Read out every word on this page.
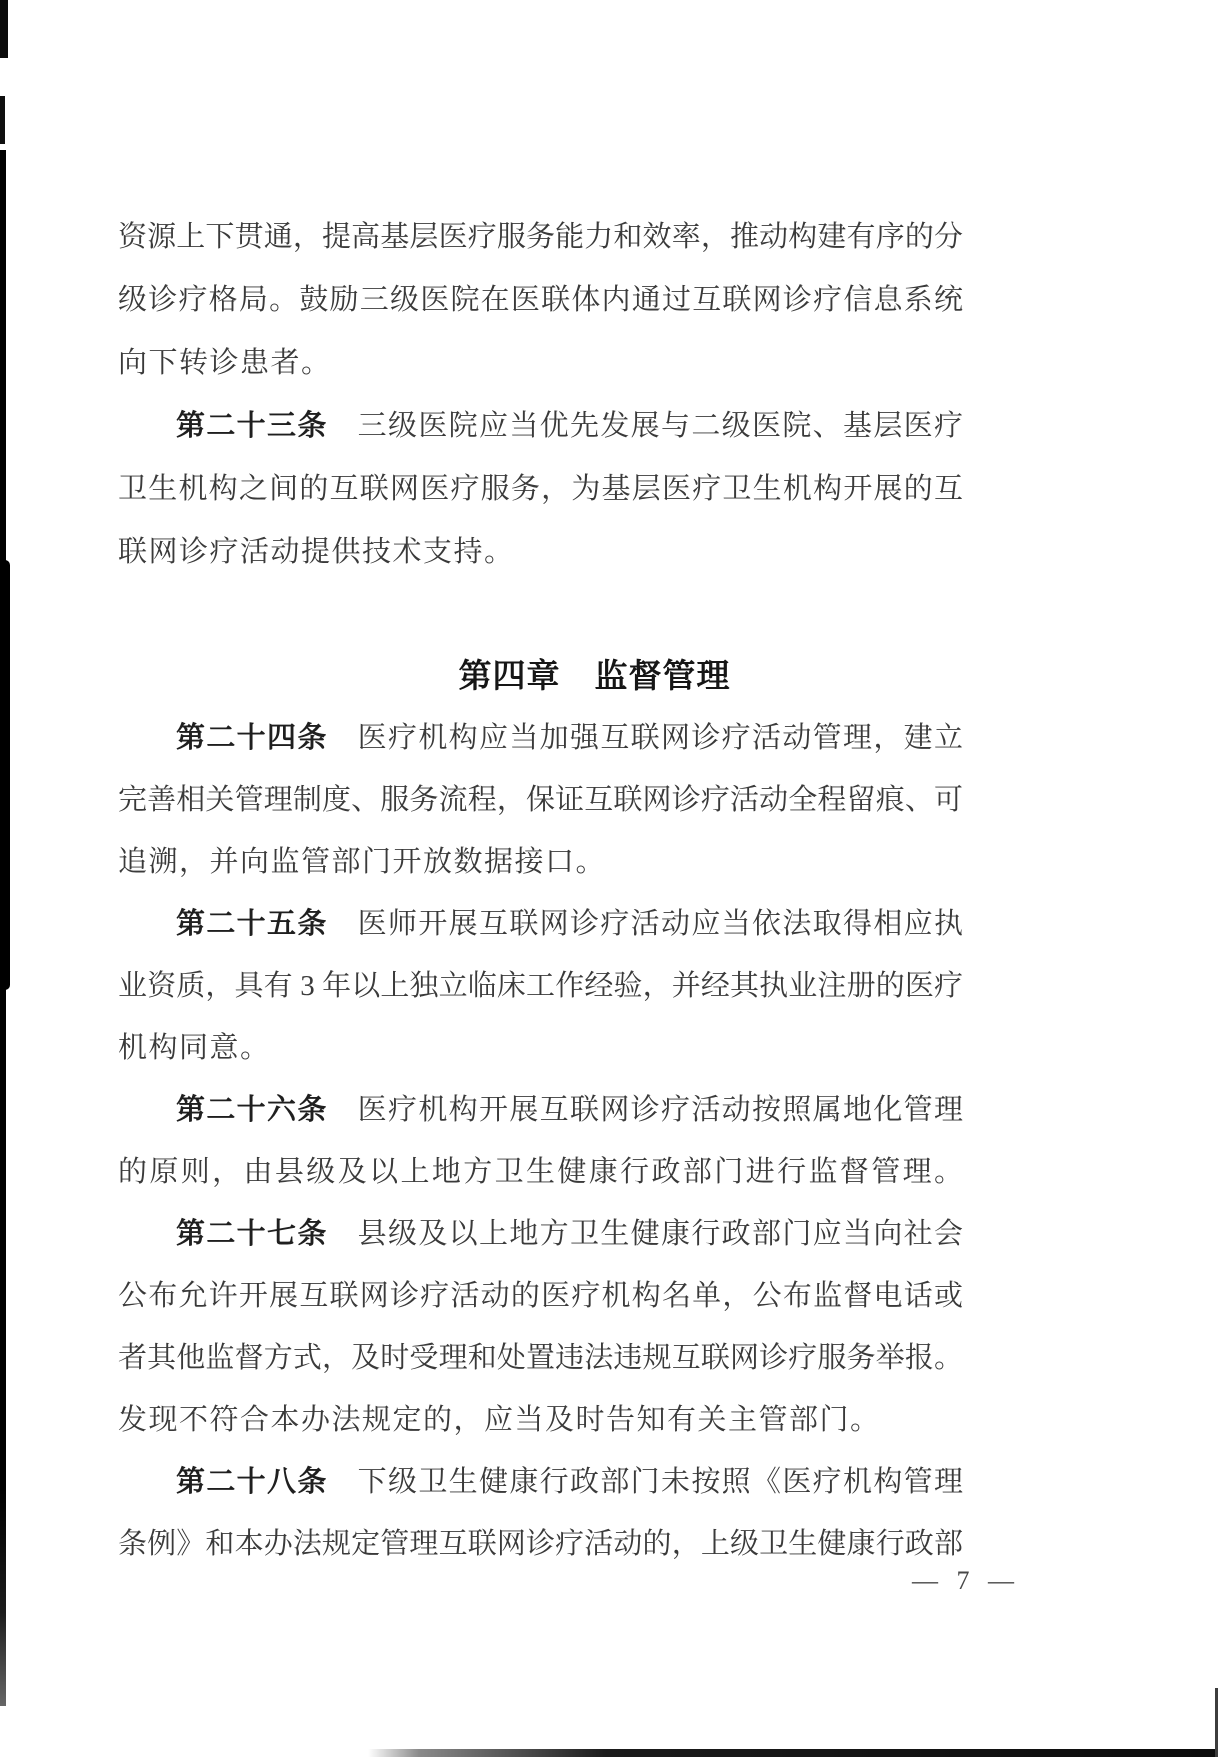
资源上下贯通，提高基层医疗服务能力和效率，推动构建有序的分
级诊疗格局。鼓励三级医院在医联体内通过互联网诊疗信息系统
向下转诊患者。
第二十三条 三级医院应当优先发展与二级医院、基层医疗
卫生机构之间的互联网医疗服务，为基层医疗卫生机构开展的互
联网诊疗活动提供技术支持。
第四章　监督管理
第二十四条 医疗机构应当加强互联网诊疗活动管理，建立
完善相关管理制度、服务流程，保证互联网诊疗活动全程留痕、可
追溯，并向监管部门开放数据接口。
第二十五条 医师开展互联网诊疗活动应当依法取得相应执
业资质，具有 3 年以上独立临床工作经验，并经其执业注册的医疗
机构同意。
第二十六条 医疗机构开展互联网诊疗活动按照属地化管理
的原则，由县级及以上地方卫生健康行政部门进行监督管理。
第二十七条 县级及以上地方卫生健康行政部门应当向社会
公布允许开展互联网诊疗活动的医疗机构名单，公布监督电话或
者其他监督方式，及时受理和处置违法违规互联网诊疗服务举报。
发现不符合本办法规定的，应当及时告知有关主管部门。
第二十八条 下级卫生健康行政部门未按照《医疗机构管理
条例》和本办法规定管理互联网诊疗活动的，上级卫生健康行政部
— 7 —
